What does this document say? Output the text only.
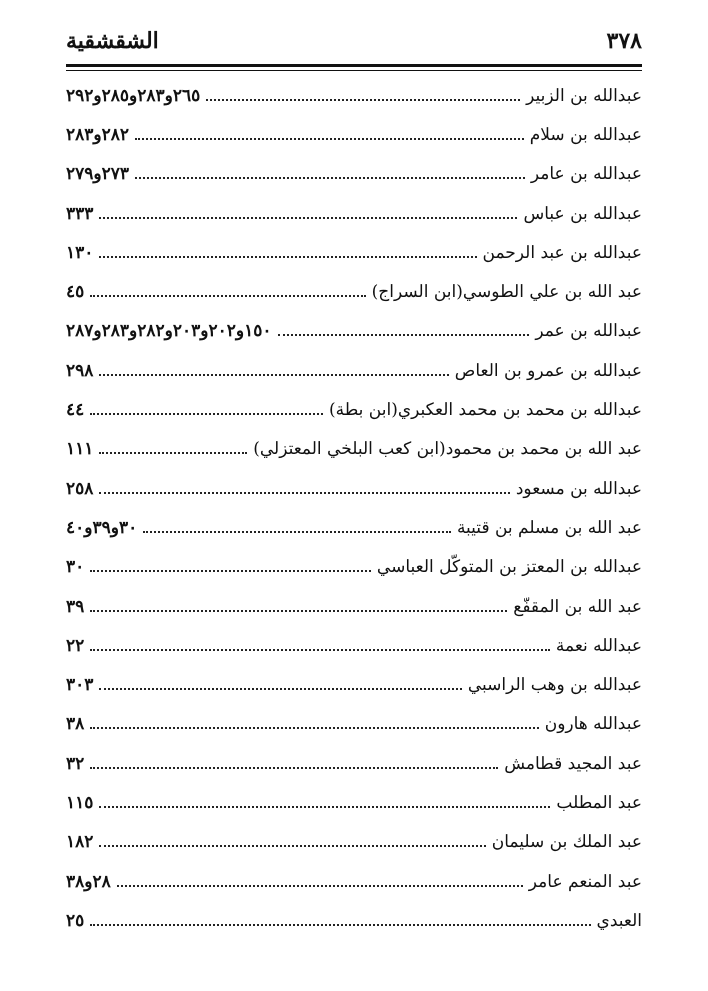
٣٧٨
الشقشقية
عبدالله بن الزبير
٢٦٥و٢٨٣و٢٨٥و٢٩٢
عبدالله بن سلام
٢٨٢و٢٨٣
عبدالله بن عامر
٢٧٣و٢٧٩
عبدالله بن عباس
٣٣٣
عبدالله بن عبد الرحمن
١٣٠
عبد الله بن علي الطوسي(ابن السراج)
٤٥
عبدالله بن عمر
١٥٠و٢٠٢و٢٠٣و٢٨٢و٢٨٣و٢٨٧
عبدالله بن عمرو بن العاص
٢٩٨
عبدالله بن محمد بن محمد العكبري(ابن بطة)
٤٤
عبد الله بن محمد بن محمود(ابن كعب البلخي المعتزلي)
١١١
عبدالله بن مسعود
٢٥٨
عبد الله بن مسلم بن قتيبة
٣٠و٣٩و٤٠
عبدالله بن المعتز بن المتوكّل العباسي
٣٠
عبد الله بن المقفّع
٣٩
عبدالله نعمة
٢٢
عبدالله بن وهب الراسبي
٣٠٣
عبدالله هارون
٣٨
عبد المجيد قطامش
٣٢
عبد المطلب
١١٥
عبد الملك بن سليمان
١٨٢
عبد المنعم عامر
٢٨و٣٨
العبدي
٢٥
